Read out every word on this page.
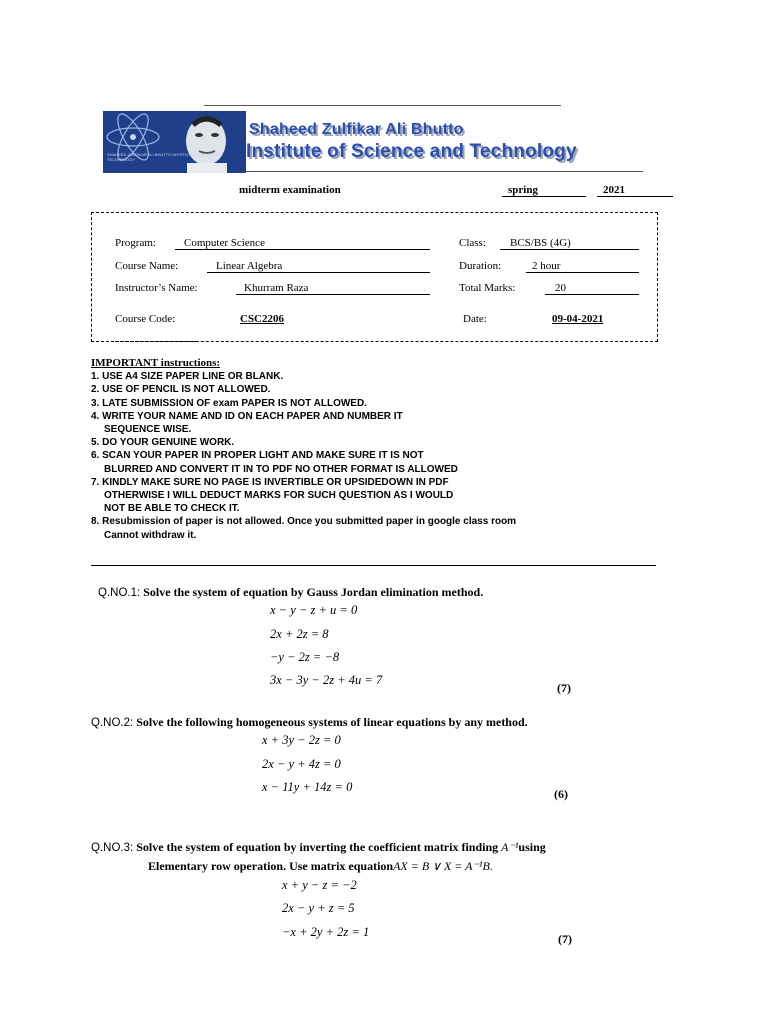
SHAHEED ZULFIKAR ALI BHUTTO INSTITUTE OF SCIENCE & TECHNOLOGY
Shaheed Zulfikar Ali Bhutto
Institute of Science and Technology
midterm examination	spring	2021
Program:	Computer Science	Class:	BCS/BS (4G)
Course Name:	Linear Algebra	Duration:	2 hour
Instructor’s Name:	Khurram Raza	Total Marks:	20
Course Code:	CSC2206	Date:	09-04-2021
IMPORTANT instructions:
1. USE A4 SIZE PAPER LINE OR BLANK.
2. USE OF PENCIL IS NOT ALLOWED.
3. LATE SUBMISSION OF exam PAPER IS NOT ALLOWED.
4. WRITE YOUR NAME AND ID ON EACH PAPER AND NUMBER IT
SEQUENCE WISE.
5. DO YOUR GENUINE WORK.
6. SCAN YOUR PAPER IN PROPER LIGHT AND MAKE SURE IT IS NOT
BLURRED AND CONVERT IT IN TO PDF NO OTHER FORMAT IS ALLOWED
7. KINDLY MAKE SURE NO PAGE IS INVERTIBLE OR UPSIDEDOWN IN PDF
OTHERWISE I WILL DEDUCT MARKS FOR SUCH QUESTION AS I WOULD
NOT BE ABLE TO CHECK IT.
8. Resubmission of paper is not allowed. Once you submitted paper in google class room
Cannot withdraw it.
Q.NO.1: Solve the system of equation by Gauss Jordan elimination method.
x − y − z + u = 0
2x + 2z = 8
−y − 2z = −8
3x − 3y − 2z + 4u = 7
(7)
Q.NO.2: Solve the following homogeneous systems of linear equations by any method.
x + 3y − 2z = 0
2x − y + 4z = 0
x − 11y + 14z = 0	(6)
Q.NO.3: Solve the system of equation by inverting the coefficient matrix finding A⁻¹using
Elementary row operation. Use matrix equationAX = B ∨ X = A⁻¹B.
x + y − z = −2
2x − y + z = 5
−x + 2y + 2z = 1	(7)
